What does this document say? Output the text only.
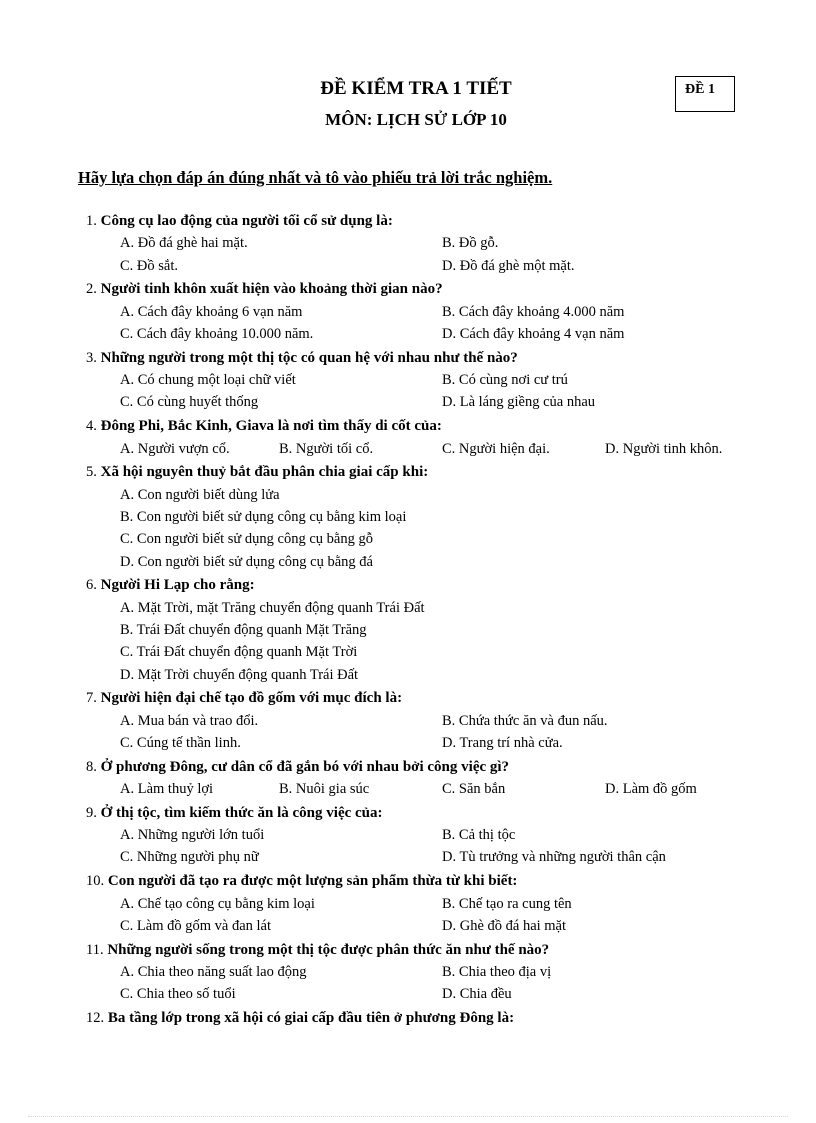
ĐỀ KIỂM TRA 1 TIẾT
MÔN: LỊCH SỬ LỚP 10
ĐỀ 1
Hãy lựa chọn đáp án đúng nhất và tô vào phiếu trả lời trắc nghiệm.
1. Công cụ lao động của người tối cổ sử dụng là:
A. Đồ đá ghè hai mặt.	B. Đồ gỗ.
C. Đồ sắt.	D. Đồ đá ghè một mặt.
2. Người tinh khôn xuất hiện vào khoảng thời gian nào?
A. Cách đây khoảng 6 vạn năm	B. Cách đây khoảng 4.000 năm
C. Cách đây khoảng 10.000 năm.	D. Cách đây khoảng 4 vạn năm
3. Những người trong một thị tộc có quan hệ với nhau như thế nào?
A. Có chung một loại chữ viết	B. Có cùng nơi cư trú
C. Có cùng huyết thống	D. Là láng giềng của nhau
4. Đông Phi, Bắc Kinh, Giava là nơi tìm thấy di cốt của:
A. Người vượn cổ.	B. Người tối cổ.	C. Người hiện đại.	D. Người tinh khôn.
5. Xã hội nguyên thuỷ bắt đầu phân chia giai cấp khi:
A. Con người biết dùng lửa
B. Con người biết sử dụng công cụ bằng kim loại
C. Con người biết sử dụng công cụ bằng gỗ
D. Con người biết sử dụng công cụ bằng đá
6. Người Hi Lạp cho rằng:
A. Mặt Trời, mặt Trăng chuyển động quanh Trái Đất
B. Trái Đất chuyển động quanh Mặt Trăng
C. Trái Đất chuyển động quanh Mặt Trời
D. Mặt Trời chuyển động quanh Trái Đất
7. Người hiện đại chế tạo đồ gốm với mục đích là:
A. Mua bán và trao đổi.	B. Chứa thức ăn và đun nấu.
C. Cúng tế thần linh.	D. Trang trí nhà cửa.
8. Ở phương Đông, cư dân cổ đã gắn bó với nhau bởi công việc gì?
A. Làm thuỷ lợi	B. Nuôi gia súc	C. Săn bắn	D. Làm đồ gốm
9. Ở thị tộc, tìm kiếm thức ăn là công việc của:
A. Những người lớn tuổi	B. Cả thị tộc
C. Những người phụ nữ	D. Tù trưởng và những người thân cận
10. Con người đã tạo ra được một lượng sản phẩm thừa từ khi biết:
A. Chế tạo công cụ bằng kim loại	B. Chế tạo ra cung tên
C. Làm đồ gốm và đan lát	D. Ghè đồ đá hai mặt
11. Những người sống trong một thị tộc được phân thức ăn như thế nào?
A. Chia theo năng suất lao động	B. Chia theo địa vị
C. Chia theo số tuổi	D. Chia đều
12. Ba tầng lớp trong xã hội có giai cấp đầu tiên ở phương Đông là:
